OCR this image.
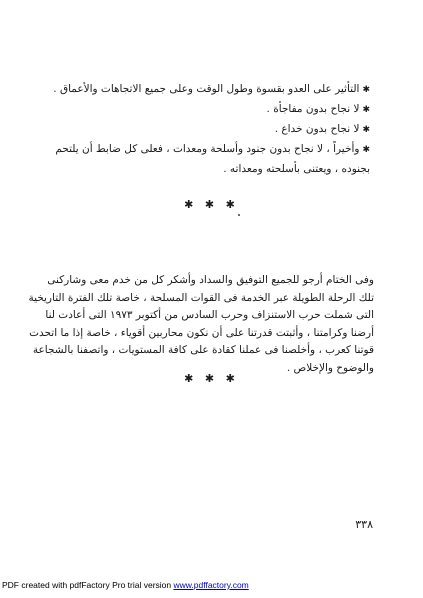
✱التأثير على العدو بقسوة وطول الوقت وعلى جميع الاتجاهات والأعماق .
✱لا نجاح بدون مفاجأة .
✱لا نجاح بدون خداع .
✱وأخيراً ، لا نجاح بدون جنود وأسلحة ومعدات ، فعلى كل ضابط أن يلتحم
بجنوده ، ويعتنى بأسلحته ومعداته .
✱ ✱ ✱
وفى الختام أرجو للجميع التوفيق والسداد وأشكر كل من خدم معى وشاركنى
تلك الرحلة الطويلة عبر الخدمة فى القوات المسلحة ، خاصة تلك الفترة التاريخية
التى شملت حرب الاستنزاف وحرب السادس من أكتوبر ١٩٧٣ التى أعادت لنا
أرضنا وكرامتنا ، وأثبتت قدرتنا على أن نكون محاربين أقوياء ، خاصة إذا ما اتحدت
قوتنا كعرب ، وأخلصنا فى عملنا كقادة على كافة المستويات ، واتصفنا بالشجاعة
والوضوح والإخلاص .
✱ ✱ ✱
٣٣٨
PDF created with pdfFactory Pro trial version www.pdffactory.com
